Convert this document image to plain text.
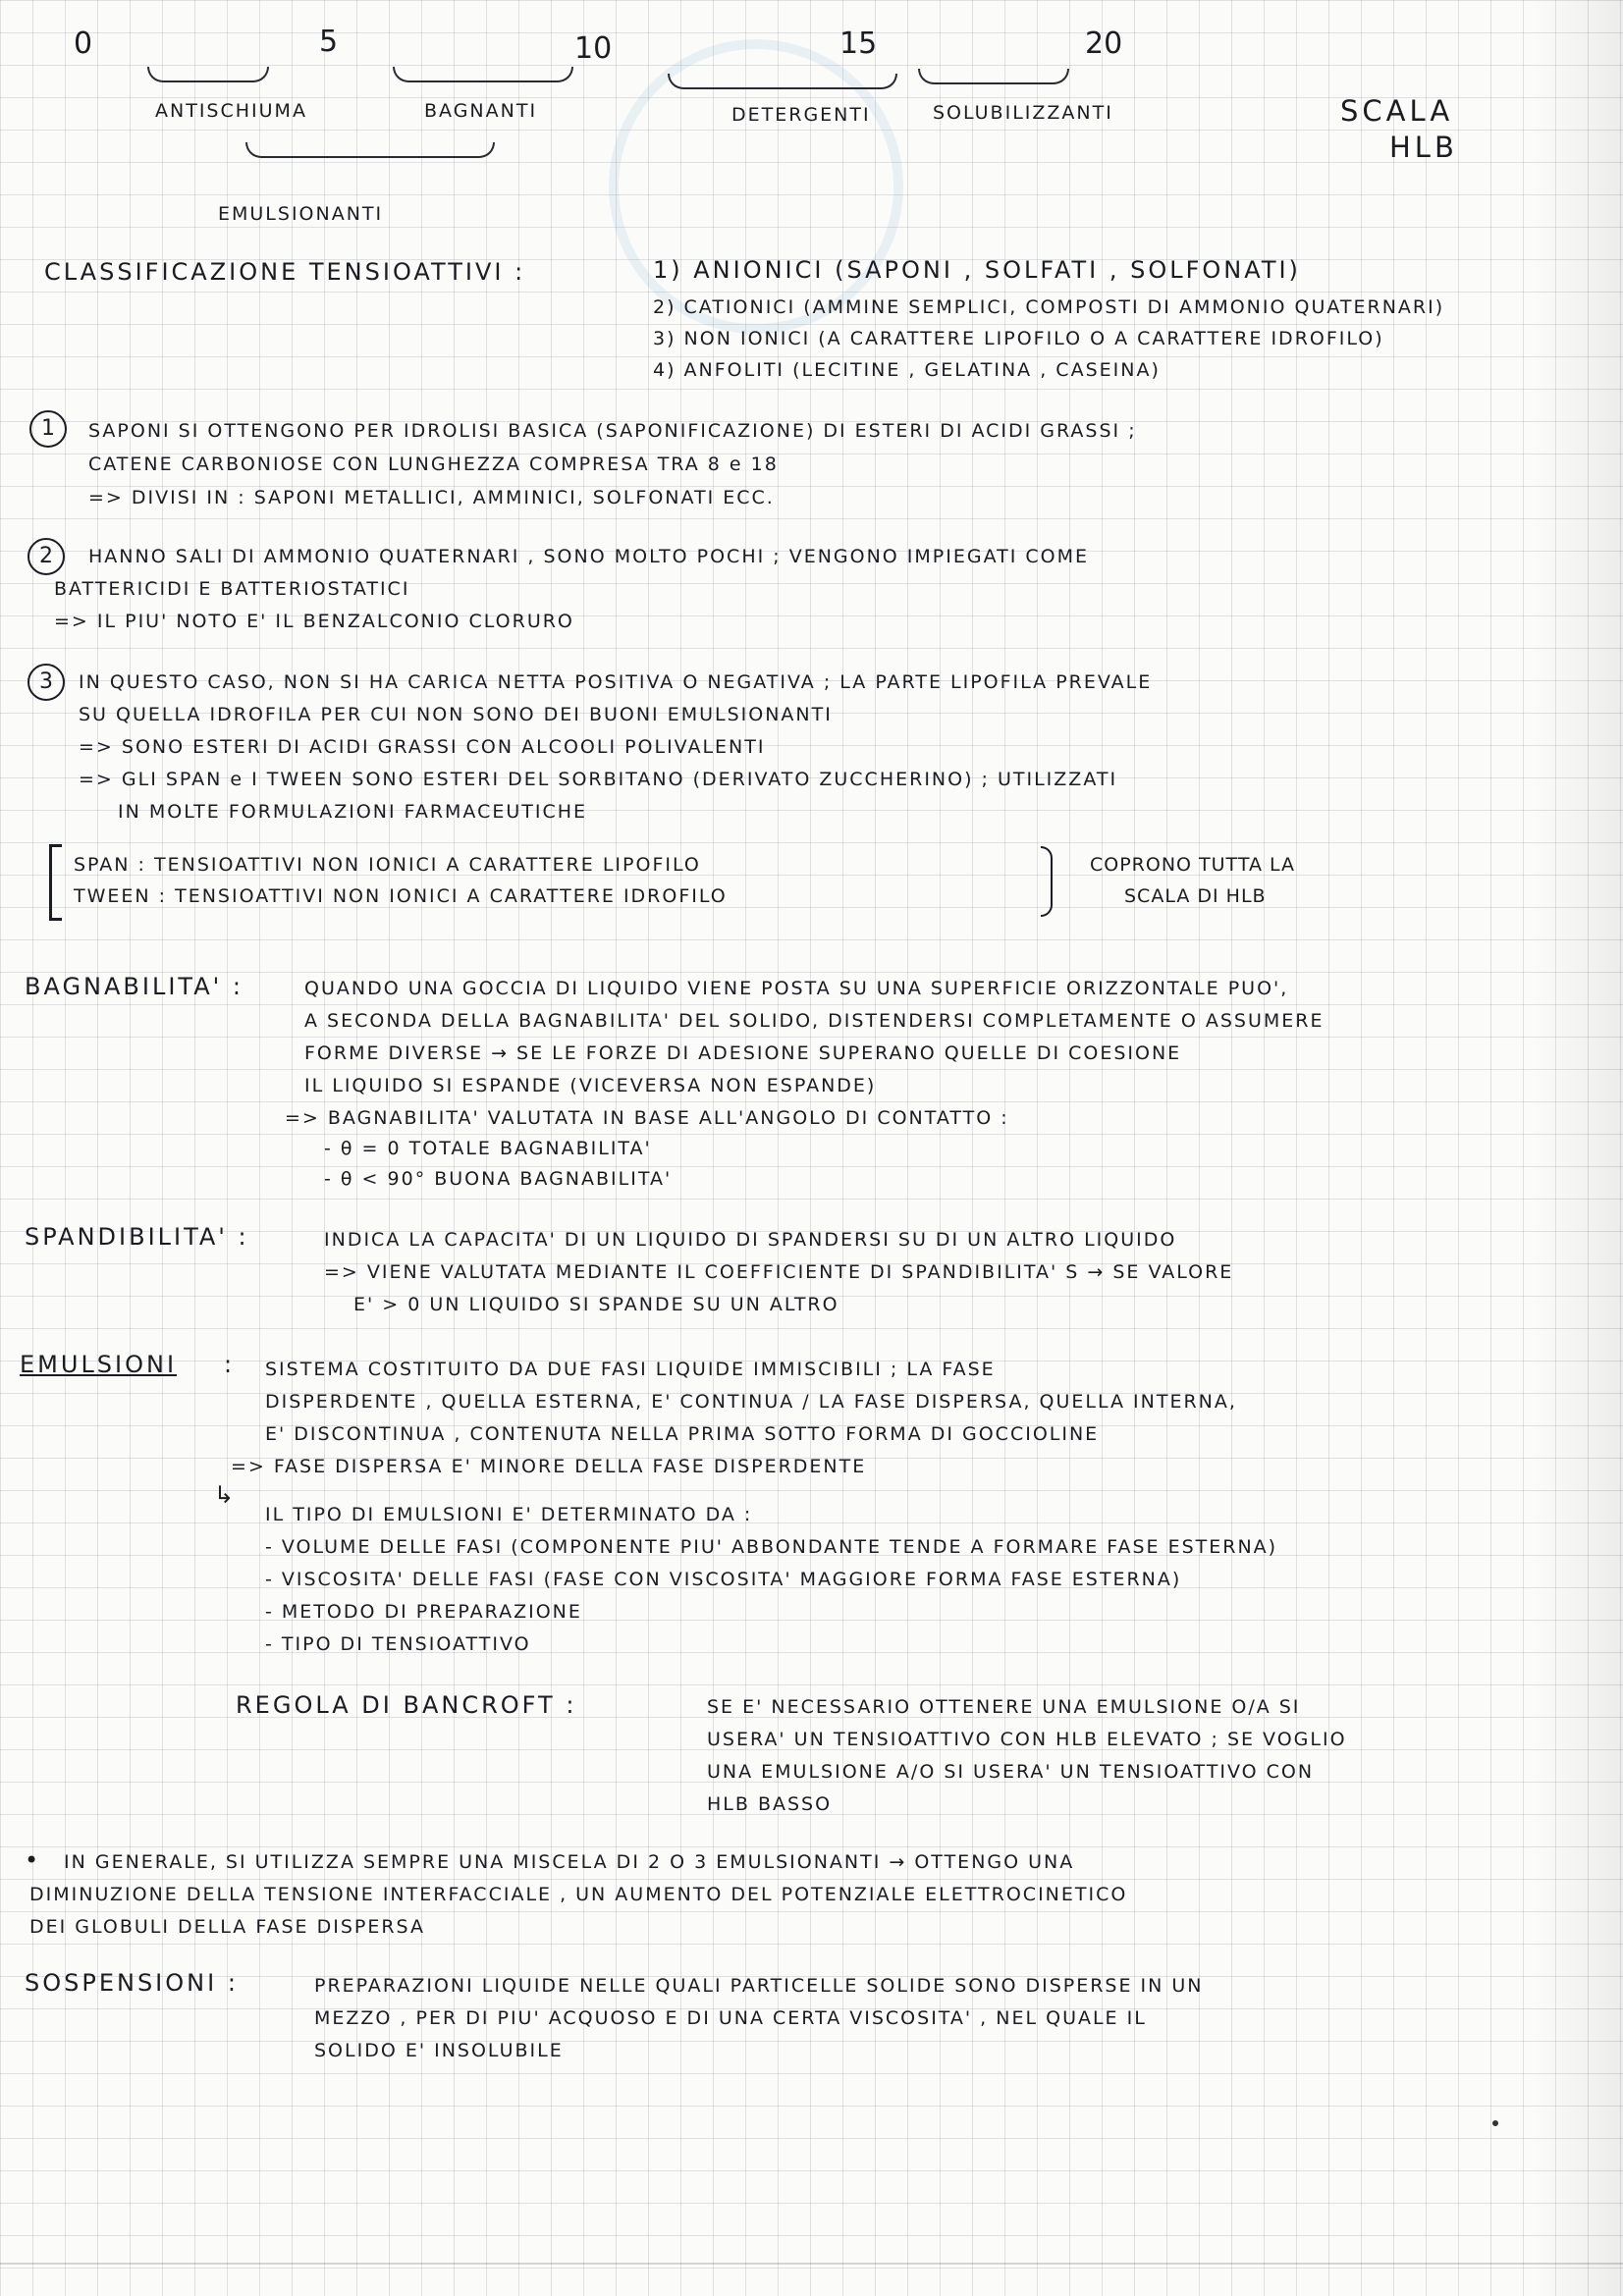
0	5	10	15	20
ANTISCHIUMA	BAGNANTI	DETERGENTI	SOLUBILIZZANTI
EMULSIONANTI
SCALA
HLB
CLASSIFICAZIONE TENSIOATTIVI :	1) ANIONICI (SAPONI , SOLFATI , SOLFONATI)
2) CATIONICI (AMMINE SEMPLICI, COMPOSTI DI AMMONIO QUATERNARI)
3) NON IONICI (A CARATTERE LIPOFILO O A CARATTERE IDROFILO)
4) ANFOLITI (LECITINE , GELATINA , CASEINA)
1	SAPONI SI OTTENGONO PER IDROLISI BASICA (SAPONIFICAZIONE) DI ESTERI DI ACIDI GRASSI ;
CATENE CARBONIOSE CON LUNGHEZZA COMPRESA TRA 8 e 18
=> DIVISI IN : SAPONI METALLICI, AMMINICI, SOLFONATI ECC.
2	HANNO SALI DI AMMONIO QUATERNARI , SONO MOLTO POCHI ; VENGONO IMPIEGATI COME
BATTERICIDI E BATTERIOSTATICI
=> IL PIU' NOTO E' IL BENZALCONIO CLORURO
3	IN QUESTO CASO, NON SI HA CARICA NETTA POSITIVA O NEGATIVA ; LA PARTE LIPOFILA PREVALE
SU QUELLA IDROFILA PER CUI NON SONO DEI BUONI EMULSIONANTI
=> SONO ESTERI DI ACIDI GRASSI CON ALCOOLI POLIVALENTI
=> GLI SPAN e I TWEEN SONO ESTERI DEL SORBITANO (DERIVATO ZUCCHERINO) ; UTILIZZATI
IN MOLTE FORMULAZIONI FARMACEUTICHE
SPAN : TENSIOATTIVI NON IONICI A CARATTERE LIPOFILO
TWEEN : TENSIOATTIVI NON IONICI A CARATTERE IDROFILO
COPRONO TUTTA LA
SCALA DI HLB
BAGNABILITA' :	QUANDO UNA GOCCIA DI LIQUIDO VIENE POSTA SU UNA SUPERFICIE ORIZZONTALE PUO',
A SECONDA DELLA BAGNABILITA' DEL SOLIDO, DISTENDERSI COMPLETAMENTE O ASSUMERE
FORME DIVERSE → SE LE FORZE DI ADESIONE SUPERANO QUELLE DI COESIONE
IL LIQUIDO SI ESPANDE (VICEVERSA NON ESPANDE)
=> BAGNABILITA' VALUTATA IN BASE ALL'ANGOLO DI CONTATTO :
- θ = 0 TOTALE BAGNABILITA'
- θ < 90° BUONA BAGNABILITA'
SPANDIBILITA' :	INDICA LA CAPACITA' DI UN LIQUIDO DI SPANDERSI SU DI UN ALTRO LIQUIDO
=> VIENE VALUTATA MEDIANTE IL COEFFICIENTE DI SPANDIBILITA' S → SE VALORE
E' > 0 UN LIQUIDO SI SPANDE SU UN ALTRO
EMULSIONI : SISTEMA COSTITUITO DA DUE FASI LIQUIDE IMMISCIBILI ; LA FASE
DISPERDENTE , QUELLA ESTERNA, E' CONTINUA / LA FASE DISPERSA, QUELLA INTERNA,
E' DISCONTINUA , CONTENUTA NELLA PRIMA SOTTO FORMA DI GOCCIOLINE
=> FASE DISPERSA E' MINORE DELLA FASE DISPERDENTE
↳
IL TIPO DI EMULSIONI E' DETERMINATO DA :
- VOLUME DELLE FASI (COMPONENTE PIU' ABBONDANTE TENDE A FORMARE FASE ESTERNA)
- VISCOSITA' DELLE FASI (FASE CON VISCOSITA' MAGGIORE FORMA FASE ESTERNA)
- METODO DI PREPARAZIONE
- TIPO DI TENSIOATTIVO
REGOLA DI BANCROFT :	SE E' NECESSARIO OTTENERE UNA EMULSIONE O/A SI
USERA' UN TENSIOATTIVO CON HLB ELEVATO ; SE VOGLIO
UNA EMULSIONE A/O SI USERA' UN TENSIOATTIVO CON
HLB BASSO
• IN GENERALE, SI UTILIZZA SEMPRE UNA MISCELA DI 2 O 3 EMULSIONANTI → OTTENGO UNA
DIMINUZIONE DELLA TENSIONE INTERFACCIALE , UN AUMENTO DEL POTENZIALE ELETTROCINETICO
DEI GLOBULI DELLA FASE DISPERSA
SOSPENSIONI :	PREPARAZIONI LIQUIDE NELLE QUALI PARTICELLE SOLIDE SONO DISPERSE IN UN
MEZZO , PER DI PIU' ACQUOSO E DI UNA CERTA VISCOSITA' , NEL QUALE IL
SOLIDO E' INSOLUBILE
